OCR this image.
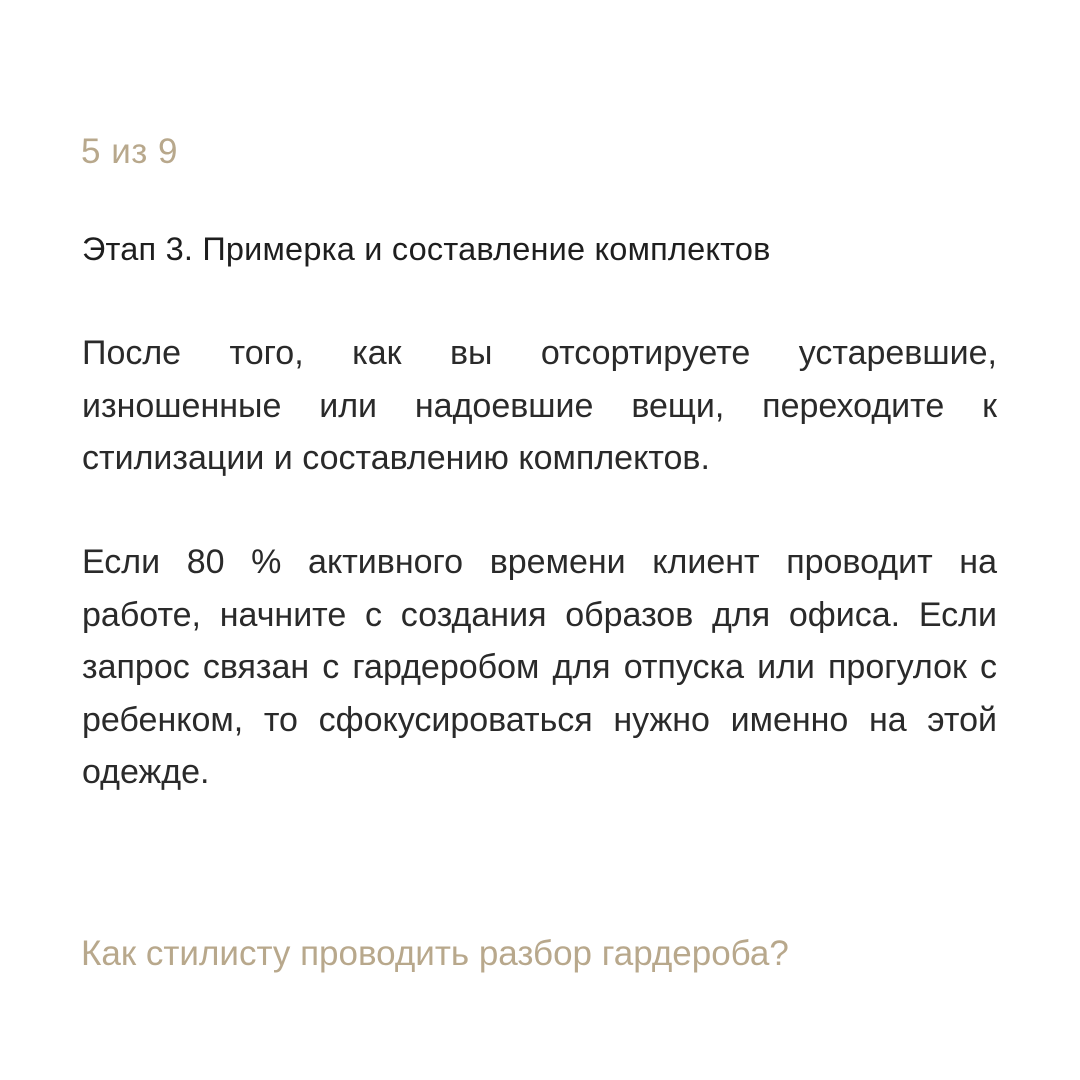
5 из 9
Этап 3. Примерка и составление комплектов
После того, как вы отсортируете устаревшие, изношенные или надоевшие вещи, переходите к стилизации и составлению комплектов.
Если 80 % активного времени клиент проводит на работе, начните с создания образов для офиса. Если запрос связан с гардеробом для отпуска или прогулок с ребенком, то сфокусироваться нужно именно на этой одежде.
Как стилисту проводить разбор гардероба?
